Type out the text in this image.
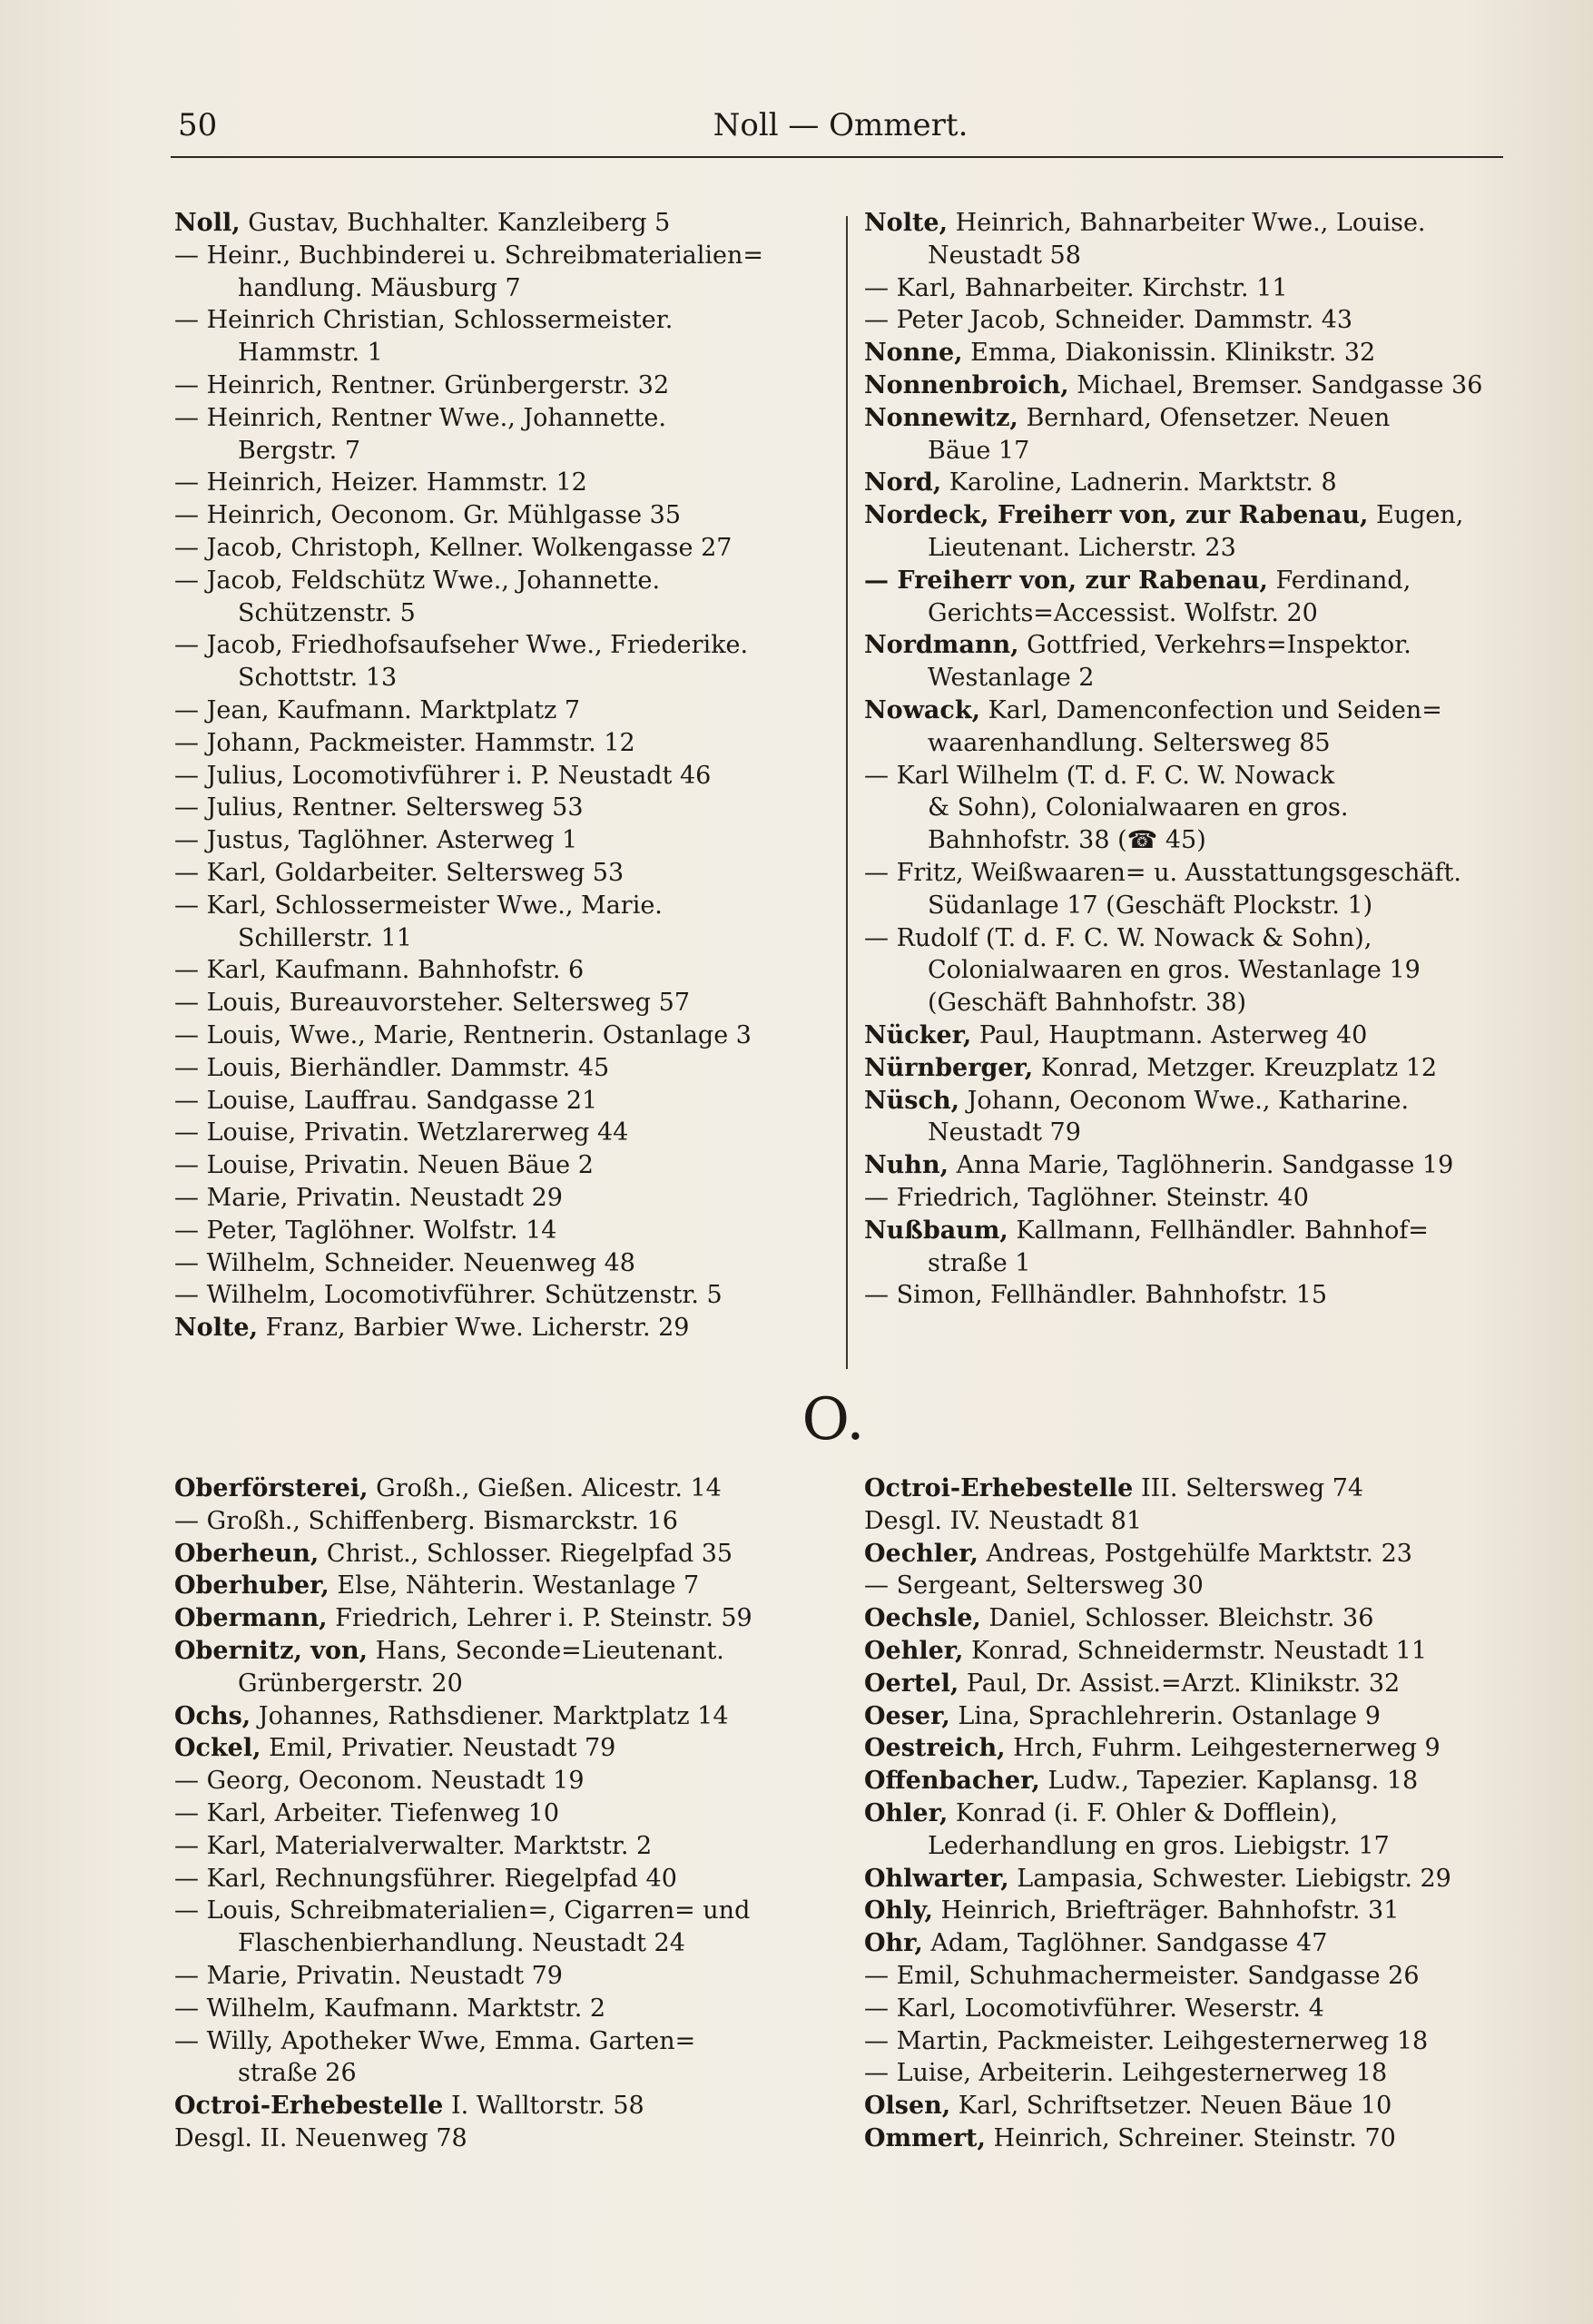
50	Noll — Ommert.

Noll, Gustav, Buchhalter. Kanzleiberg 5

— Heinr., Buchbinderei u. Schreibmaterialien=

handlung. Mäusburg 7

— Heinrich Christian, Schlossermeister.

Hammstr. 1

— Heinrich, Rentner. Grünbergerstr. 32

— Heinrich, Rentner Wwe., Johannette.

Bergstr. 7

— Heinrich, Heizer. Hammstr. 12

— Heinrich, Oeconom. Gr. Mühlgasse 35

— Jacob, Christoph, Kellner. Wolkengasse 27

— Jacob, Feldschütz Wwe., Johannette.

Schützenstr. 5

— Jacob, Friedhofsaufseher Wwe., Friederike.

Schottstr. 13

— Jean, Kaufmann. Marktplatz 7

— Johann, Packmeister. Hammstr. 12

— Julius, Locomotivführer i. P. Neustadt 46

— Julius, Rentner. Seltersweg 53

— Justus, Taglöhner. Asterweg 1

— Karl, Goldarbeiter. Seltersweg 53

— Karl, Schlossermeister Wwe., Marie.

Schillerstr. 11

— Karl, Kaufmann. Bahnhofstr. 6

— Louis, Bureauvorsteher. Seltersweg 57

— Louis, Wwe., Marie, Rentnerin. Ostanlage 3

— Louis, Bierhändler. Dammstr. 45

— Louise, Lauffrau. Sandgasse 21

— Louise, Privatin. Wetzlarerweg 44

— Louise, Privatin. Neuen Bäue 2

— Marie, Privatin. Neustadt 29

— Peter, Taglöhner. Wolfstr. 14

— Wilhelm, Schneider. Neuenweg 48

— Wilhelm, Locomotivführer. Schützenstr. 5

Nolte, Franz, Barbier Wwe. Licherstr. 29

Nolte, Heinrich, Bahnarbeiter Wwe., Louise.

Neustadt 58

— Karl, Bahnarbeiter. Kirchstr. 11

— Peter Jacob, Schneider. Dammstr. 43

Nonne, Emma, Diakonissin. Klinikstr. 32

Nonnenbroich, Michael, Bremser. Sandgasse 36

Nonnewitz, Bernhard, Ofensetzer. Neuen

Bäue 17

Nord, Karoline, Ladnerin. Marktstr. 8

Nordeck, Freiherr von, zur Rabenau, Eugen,

Lieutenant. Licherstr. 23

— Freiherr von, zur Rabenau, Ferdinand,

Gerichts=Accessist. Wolfstr. 20

Nordmann, Gottfried, Verkehrs=Inspektor.

Westanlage 2

Nowack, Karl, Damenconfection und Seiden=

waarenhandlung. Seltersweg 85

— Karl Wilhelm (T. d. F. C. W. Nowack

& Sohn), Colonialwaaren en gros.

Bahnhofstr. 38 (☎ 45)

— Fritz, Weißwaaren= u. Ausstattungsgeschäft.

Südanlage 17 (Geschäft Plockstr. 1)

— Rudolf (T. d. F. C. W. Nowack & Sohn),

Colonialwaaren en gros. Westanlage 19

(Geschäft Bahnhofstr. 38)

Nücker, Paul, Hauptmann. Asterweg 40

Nürnberger, Konrad, Metzger. Kreuzplatz 12

Nüsch, Johann, Oeconom Wwe., Katharine.

Neustadt 79

Nuhn, Anna Marie, Taglöhnerin. Sandgasse 19

— Friedrich, Taglöhner. Steinstr. 40

Nußbaum, Kallmann, Fellhändler. Bahnhof=

straße 1

— Simon, Fellhändler. Bahnhofstr. 15

O.

Oberförsterei, Großh., Gießen. Alicestr. 14

— Großh., Schiffenberg. Bismarckstr. 16

Oberheun, Christ., Schlosser. Riegelpfad 35

Oberhuber, Else, Nähterin. Westanlage 7

Obermann, Friedrich, Lehrer i. P. Steinstr. 59

Obernitz, von, Hans, Seconde=Lieutenant.

Grünbergerstr. 20

Ochs, Johannes, Rathsdiener. Marktplatz 14

Ockel, Emil, Privatier. Neustadt 79

— Georg, Oeconom. Neustadt 19

— Karl, Arbeiter. Tiefenweg 10

— Karl, Materialverwalter. Marktstr. 2

— Karl, Rechnungsführer. Riegelpfad 40

— Louis, Schreibmaterialien=, Cigarren= und

Flaschenbierhandlung. Neustadt 24

— Marie, Privatin. Neustadt 79

— Wilhelm, Kaufmann. Marktstr. 2

— Willy, Apotheker Wwe, Emma. Garten=

straße 26

Octroi-Erhebestelle I. Walltorstr. 58

Desgl. II. Neuenweg 78

Octroi-Erhebestelle III. Seltersweg 74

Desgl. IV. Neustadt 81

Oechler, Andreas, Postgehülfe Marktstr. 23

— Sergeant, Seltersweg 30

Oechsle, Daniel, Schlosser. Bleichstr. 36

Oehler, Konrad, Schneidermstr. Neustadt 11

Oertel, Paul, Dr. Assist.=Arzt. Klinikstr. 32

Oeser, Lina, Sprachlehrerin. Ostanlage 9

Oestreich, Hrch, Fuhrm. Leihgesternerweg 9

Offenbacher, Ludw., Tapezier. Kaplansg. 18

Ohler, Konrad (i. F. Ohler & Dofflein),

Lederhandlung en gros. Liebigstr. 17

Ohlwarter, Lampasia, Schwester. Liebigstr. 29

Ohly, Heinrich, Briefträger. Bahnhofstr. 31

Ohr, Adam, Taglöhner. Sandgasse 47

— Emil, Schuhmachermeister. Sandgasse 26

— Karl, Locomotivführer. Weserstr. 4

— Martin, Packmeister. Leihgesternerweg 18

— Luise, Arbeiterin. Leihgesternerweg 18

Olsen, Karl, Schriftsetzer. Neuen Bäue 10

Ommert, Heinrich, Schreiner. Steinstr. 70
